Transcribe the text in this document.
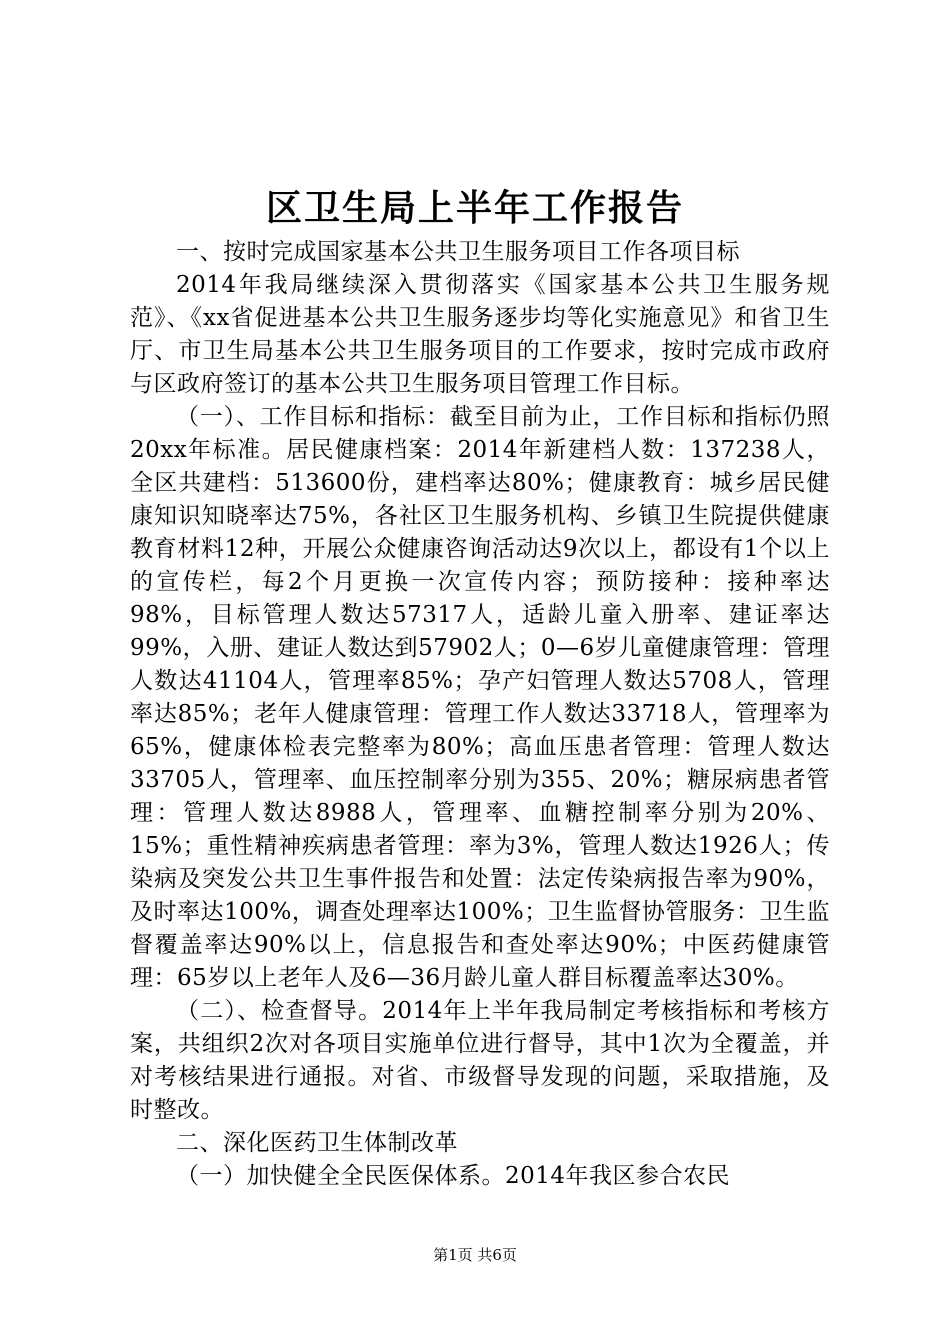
区卫生局上半年工作报告

一、按时完成国家基本公共卫生服务项目工作各项目标

2014年我局继续深入贯彻落实《国家基本公共卫生服务规范》、《xx省促进基本公共卫生服务逐步均等化实施意见》和省卫生厅、市卫生局基本公共卫生服务项目的工作要求，按时完成市政府与区政府签订的基本公共卫生服务项目管理工作目标。

（一）、工作目标和指标：截至目前为止，工作目标和指标仍照20xx年标准。居民健康档案：2014年新建档人数：137238人，全区共建档：513600份，建档率达80%；健康教育：城乡居民健康知识知晓率达75%，各社区卫生服务机构、乡镇卫生院提供健康教育材料12种，开展公众健康咨询活动达9次以上，都设有1个以上的宣传栏，每2个月更换一次宣传内容；预防接种：接种率达98%，目标管理人数达57317人，适龄儿童入册率、建证率达99%，入册、建证人数达到57902人；0—6岁儿童健康管理：管理人数达41104人，管理率85%；孕产妇管理人数达5708人，管理率达85%；老年人健康管理：管理工作人数达33718人，管理率为65%，健康体检表完整率为80%；高血压患者管理：管理人数达33705人，管理率、血压控制率分别为355、20%；糖尿病患者管理：管理人数达8988人，管理率、血糖控制率分别为20%、15%；重性精神疾病患者管理：率为3%，管理人数达1926人；传染病及突发公共卫生事件报告和处置：法定传染病报告率为90%，及时率达100%，调查处理率达100%；卫生监督协管服务：卫生监督覆盖率达90%以上，信息报告和查处率达90%；中医药健康管理：65岁以上老年人及6—36月龄儿童人群目标覆盖率达30%。

（二）、检查督导。2014年上半年我局制定考核指标和考核方案，共组织2次对各项目实施单位进行督导，其中1次为全覆盖，并对考核结果进行通报。对省、市级督导发现的问题，采取措施，及时整改。

二、深化医药卫生体制改革

（一）加快健全全民医保体系。2014年我区参合农民

第1页 共6页
